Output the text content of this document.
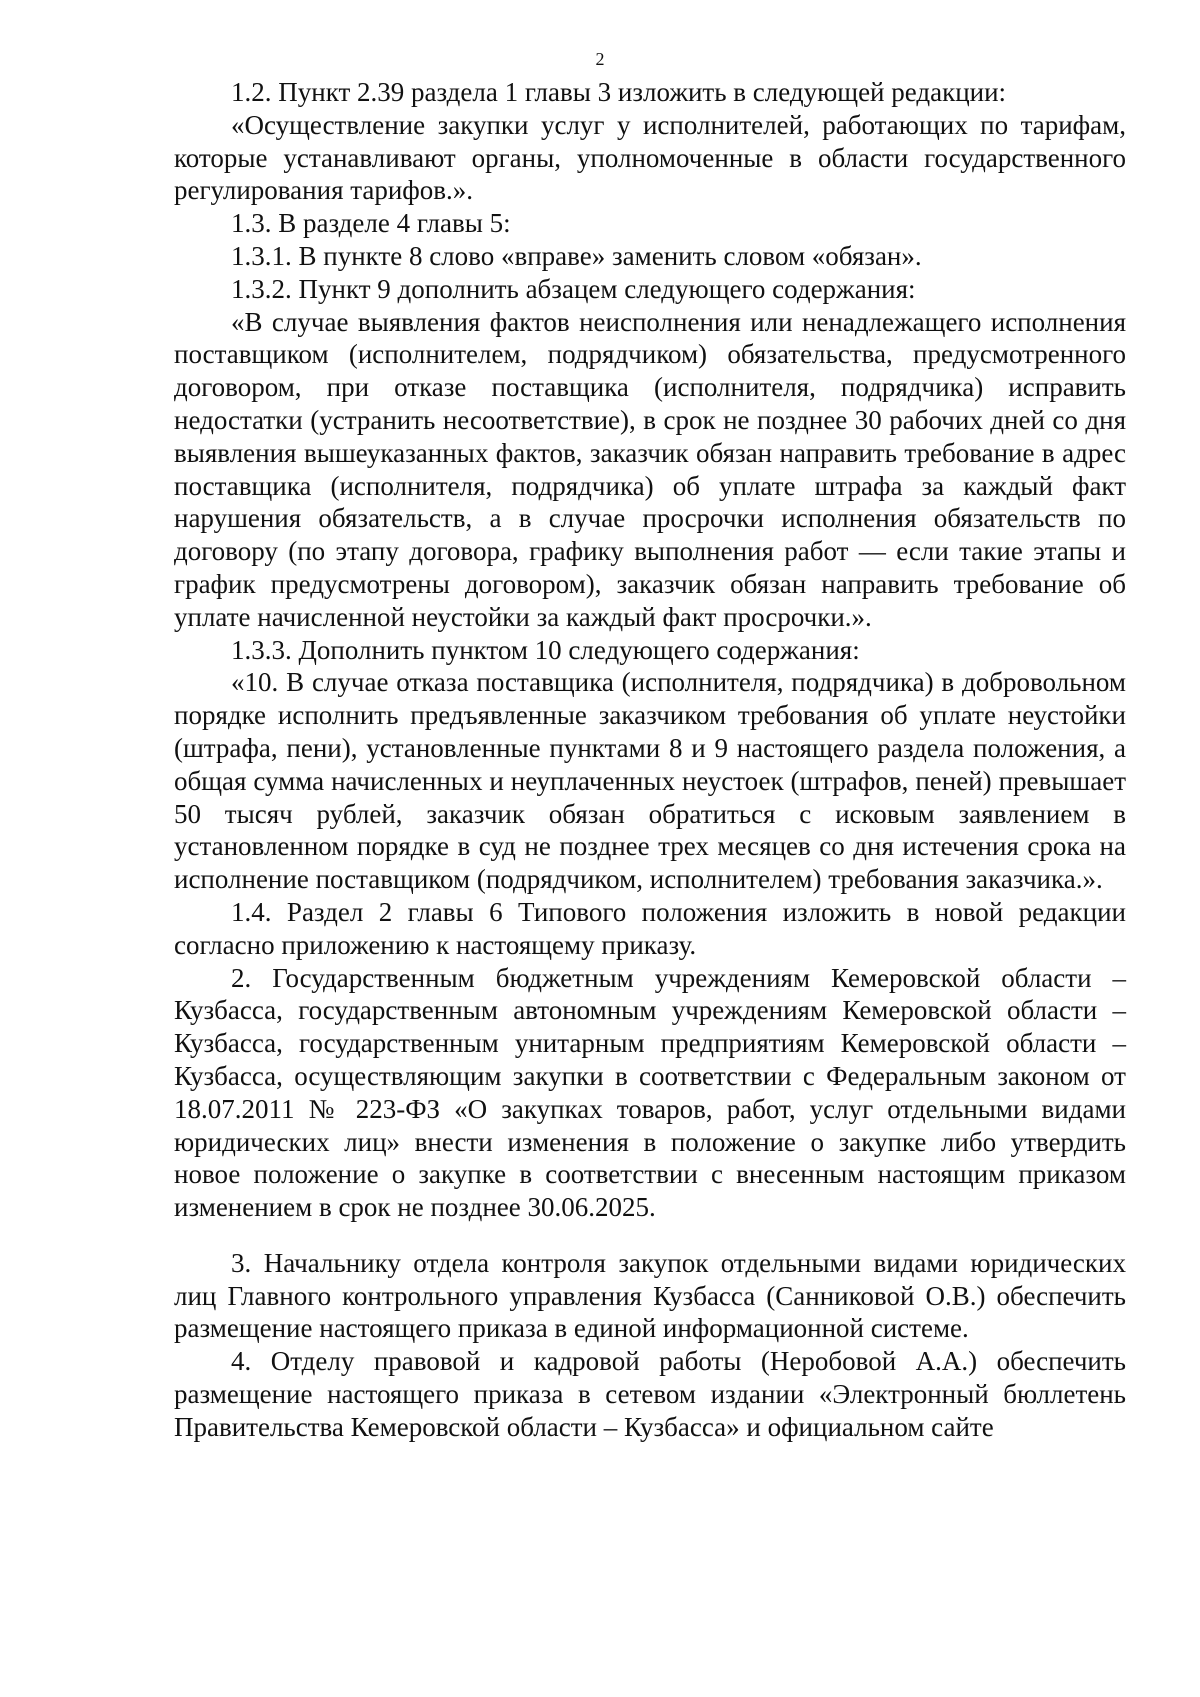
2

1.2. Пункт 2.39 раздела 1 главы 3 изложить в следующей редакции:

«Осуществление закупки услуг у исполнителей, работающих по тарифам, которые устанавливают органы, уполномоченные в области государственного регулирования тарифов.».

1.3. В разделе 4 главы 5:

1.3.1. В пункте 8 слово «вправе» заменить словом «обязан».

1.3.2. Пункт 9 дополнить абзацем следующего содержания:

«В случае выявления фактов неисполнения или ненадлежащего исполнения поставщиком (исполнителем, подрядчиком) обязательства, предусмотренного договором, при отказе поставщика (исполнителя, подрядчика) исправить недостатки (устранить несоответствие), в срок не позднее 30 рабочих дней со дня выявления вышеуказанных фактов, заказчик обязан направить требование в адрес поставщика (исполнителя, подрядчика) об уплате штрафа за каждый факт нарушения обязательств, а в случае просрочки исполнения обязательств по договору (по этапу договора, графику выполнения работ — если такие этапы и график предусмотрены договором), заказчик обязан направить требование об уплате начисленной неустойки за каждый факт просрочки.».

1.3.3. Дополнить пунктом 10 следующего содержания:

«10. В случае отказа поставщика (исполнителя, подрядчика) в добровольном порядке исполнить предъявленные заказчиком требования об уплате неустойки (штрафа, пени), установленные пунктами 8 и 9 настоящего раздела положения, а общая сумма начисленных и неуплаченных неустоек (штрафов, пеней) превышает 50 тысяч рублей, заказчик обязан обратиться с исковым заявлением в установленном порядке в суд не позднее трех месяцев со дня истечения срока на исполнение поставщиком (подрядчиком, исполнителем) требования заказчика.».

1.4. Раздел 2 главы 6 Типового положения изложить в новой редакции согласно приложению к настоящему приказу.

2. Государственным бюджетным учреждениям Кемеровской области – Кузбасса, государственным автономным учреждениям Кемеровской области – Кузбасса, государственным унитарным предприятиям Кемеровской области – Кузбасса, осуществляющим закупки в соответствии с Федеральным законом от 18.07.2011 № 223-ФЗ «О закупках товаров, работ, услуг отдельными видами юридических лиц» внести изменения в положение о закупке либо утвердить новое положение о закупке в соответствии с внесенным настоящим приказом изменением в срок не позднее 30.06.2025.

3. Начальнику отдела контроля закупок отдельными видами юридических лиц Главного контрольного управления Кузбасса (Санниковой О.В.) обеспечить размещение настоящего приказа в единой информационной системе.

4. Отделу правовой и кадровой работы (Неробовой А.А.) обеспечить размещение настоящего приказа в сетевом издании «Электронный бюллетень Правительства Кемеровской области – Кузбасса» и официальном сайте
